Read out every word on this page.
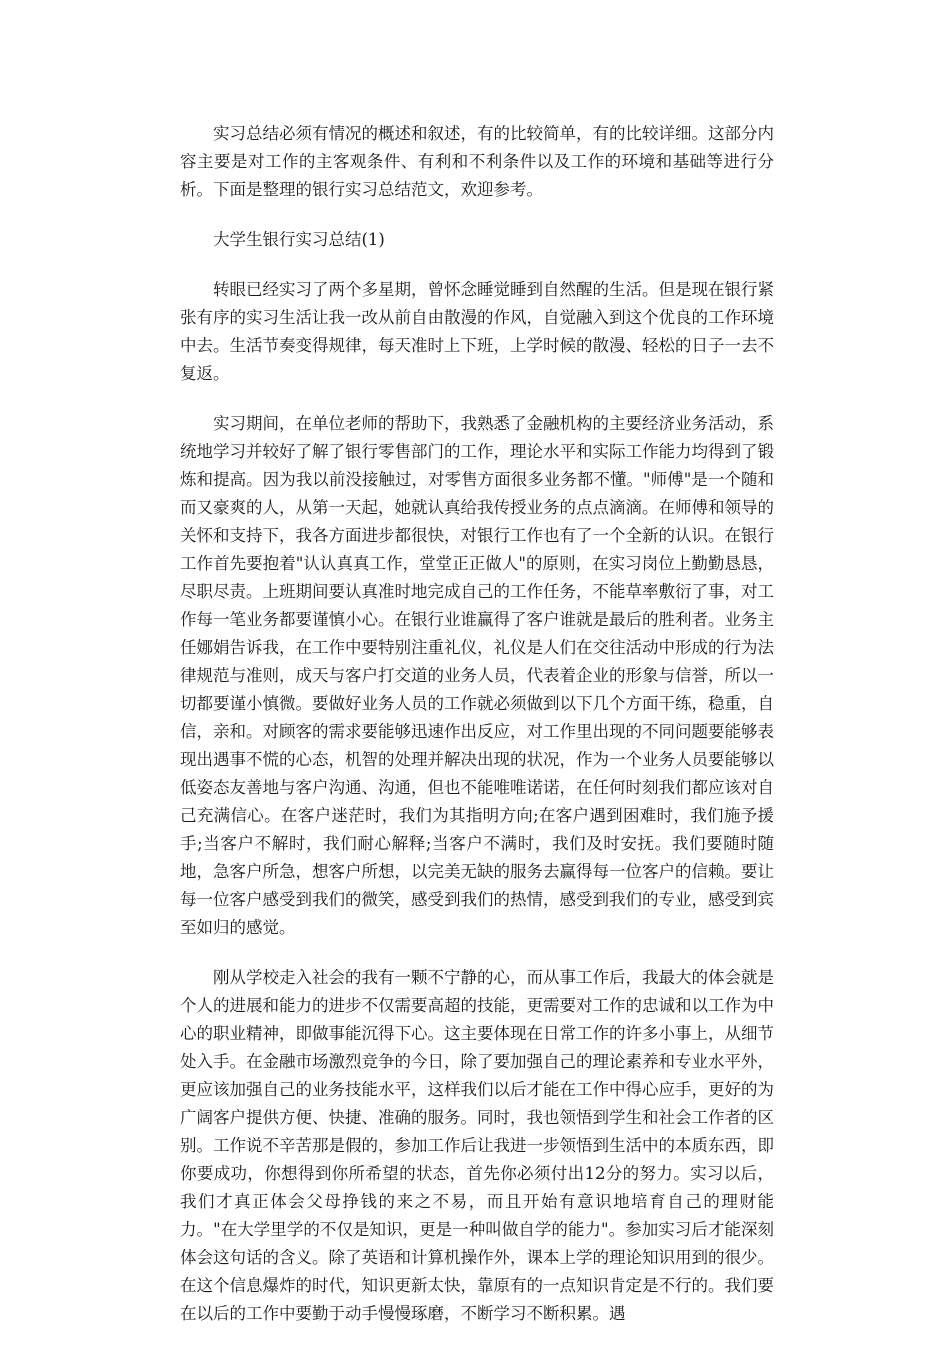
实习总结必须有情况的概述和叙述，有的比较简单，有的比较详细。这部分内容主要是对工作的主客观条件、有利和不利条件以及工作的环境和基础等进行分析。下面是整理的银行实习总结范文，欢迎参考。

大学生银行实习总结(1)

转眼已经实习了两个多星期，曾怀念睡觉睡到自然醒的生活。但是现在银行紧张有序的实习生活让我一改从前自由散漫的作风，自觉融入到这个优良的工作环境中去。生活节奏变得规律，每天准时上下班，上学时候的散漫、轻松的日子一去不复返。

实习期间，在单位老师的帮助下，我熟悉了金融机构的主要经济业务活动，系统地学习并较好了解了银行零售部门的工作，理论水平和实际工作能力均得到了锻炼和提高。因为我以前没接触过，对零售方面很多业务都不懂。"师傅"是一个随和而又豪爽的人，从第一天起，她就认真给我传授业务的点点滴滴。在师傅和领导的关怀和支持下，我各方面进步都很快，对银行工作也有了一个全新的认识。在银行工作首先要抱着"认认真真工作，堂堂正正做人"的原则，在实习岗位上勤勤恳恳，尽职尽责。上班期间要认真准时地完成自己的工作任务，不能草率敷衍了事，对工作每一笔业务都要谨慎小心。在银行业谁赢得了客户谁就是最后的胜利者。业务主任娜娟告诉我，在工作中要特别注重礼仪，礼仪是人们在交往活动中形成的行为法律规范与准则，成天与客户打交道的业务人员，代表着企业的形象与信誉，所以一切都要谨小慎微。要做好业务人员的工作就必须做到以下几个方面干练，稳重，自信，亲和。对顾客的需求要能够迅速作出反应，对工作里出现的不同问题要能够表现出遇事不慌的心态，机智的处理并解决出现的状况，作为一个业务人员要能够以低姿态友善地与客户沟通、沟通，但也不能唯唯诺诺，在任何时刻我们都应该对自己充满信心。在客户迷茫时，我们为其指明方向;在客户遇到困难时，我们施予援手;当客户不解时，我们耐心解释;当客户不满时，我们及时安抚。我们要随时随地，急客户所急，想客户所想，以完美无缺的服务去赢得每一位客户的信赖。要让每一位客户感受到我们的微笑，感受到我们的热情，感受到我们的专业，感受到宾至如归的感觉。

刚从学校走入社会的我有一颗不宁静的心，而从事工作后，我最大的体会就是个人的进展和能力的进步不仅需要高超的技能，更需要对工作的忠诚和以工作为中心的职业精神，即做事能沉得下心。这主要体现在日常工作的许多小事上，从细节处入手。在金融市场激烈竞争的今日，除了要加强自己的理论素养和专业水平外，更应该加强自己的业务技能水平，这样我们以后才能在工作中得心应手，更好的为广阔客户提供方便、快捷、准确的服务。同时，我也领悟到学生和社会工作者的区别。工作说不辛苦那是假的，参加工作后让我进一步领悟到生活中的本质东西，即你要成功，你想得到你所希望的状态，首先你必须付出12分的努力。实习以后，我们才真正体会父母挣钱的来之不易，而且开始有意识地培育自己的理财能力。"在大学里学的不仅是知识，更是一种叫做自学的能力"。参加实习后才能深刻体会这句话的含义。除了英语和计算机操作外，课本上学的理论知识用到的很少。在这个信息爆炸的时代，知识更新太快，靠原有的一点知识肯定是不行的。我们要在以后的工作中要勤于动手慢慢琢磨，不断学习不断积累。遇
